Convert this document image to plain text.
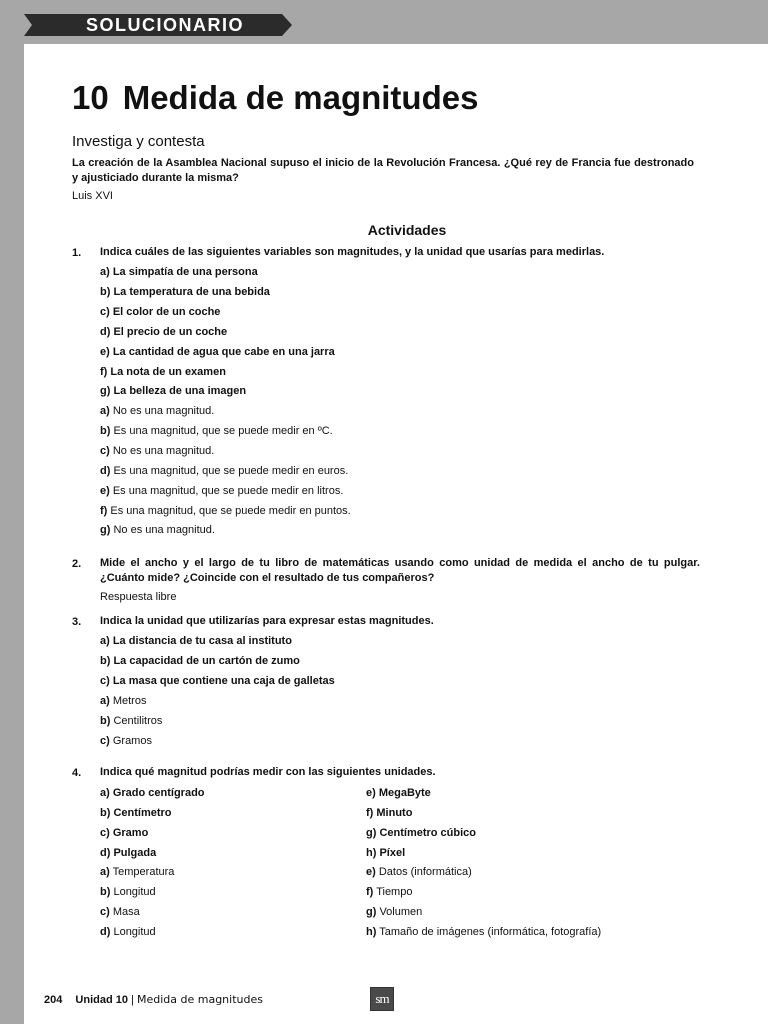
SOLUCIONARIO
10 Medida de magnitudes
Investiga y contesta
La creación de la Asamblea Nacional supuso el inicio de la Revolución Francesa. ¿Qué rey de Francia fue destronado y ajusticiado durante la misma?
Luis XVI
Actividades
1. Indica cuáles de las siguientes variables son magnitudes, y la unidad que usarías para medirlas.
a) La simpatía de una persona
b) La temperatura de una bebida
c) El color de un coche
d) El precio de un coche
e) La cantidad de agua que cabe en una jarra
f) La nota de un examen
g) La belleza de una imagen
a) No es una magnitud.
b) Es una magnitud, que se puede medir en ºC.
c) No es una magnitud.
d) Es una magnitud, que se puede medir en euros.
e) Es una magnitud, que se puede medir en litros.
f) Es una magnitud, que se puede medir en puntos.
g) No es una magnitud.
2. Mide el ancho y el largo de tu libro de matemáticas usando como unidad de medida el ancho de tu pulgar. ¿Cuánto mide? ¿Coincide con el resultado de tus compañeros?
Respuesta libre
3. Indica la unidad que utilizarías para expresar estas magnitudes.
a) La distancia de tu casa al instituto
b) La capacidad de un cartón de zumo
c) La masa que contiene una caja de galletas
a) Metros
b) Centilitros
c) Gramos
4. Indica qué magnitud podrías medir con las siguientes unidades.
a) Grado centígrado
b) Centímetro
c) Gramo
d) Pulgada
e) MegaByte
f) Minuto
g) Centímetro cúbico
h) Píxel
a) Temperatura
b) Longitud
c) Masa
d) Longitud
e) Datos (informática)
f) Tiempo
g) Volumen
h) Tamaño de imágenes (informática, fotografía)
204 Unidad 10 | Medida de magnitudes	sm
